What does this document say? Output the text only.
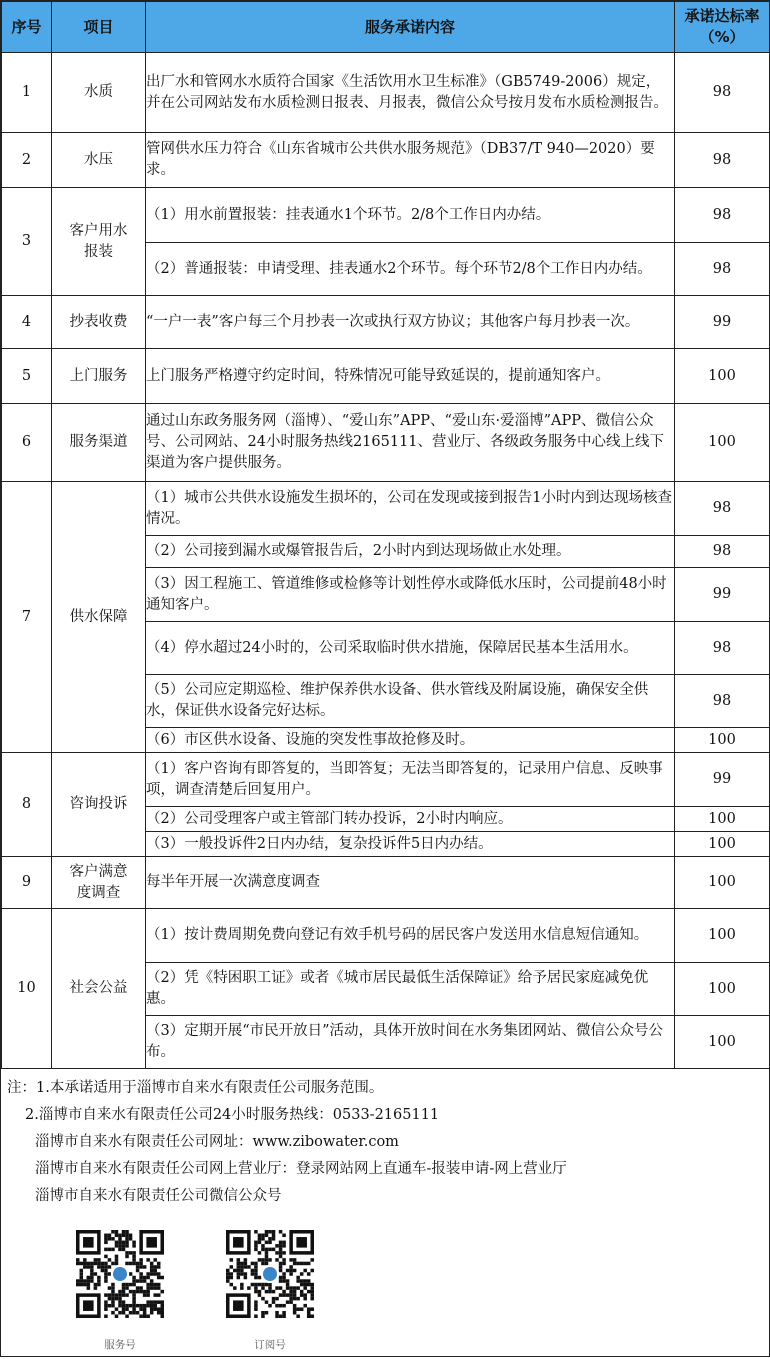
序号	项目	服务承诺内容	承诺达标率
（%）
1	水质	出厂水和管网水水质符合国家《生活饮用水卫生标准》（GB5749-2006）规定，并在公司网站发布水质检测日报表、月报表，微信公众号按月发布水质检测报告。	98
2	水压	管网供水压力符合《山东省城市公共供水服务规范》（DB37/T 940—2020）要求。	98
3	客户用水报装	（1）用水前置报装：挂表通水1个环节。2/8个工作日内办结。	98
		（2）普通报装：申请受理、挂表通水2个环节。每个环节2/8个工作日内办结。	98
4	抄表收费	“一户一表”客户每三个月抄表一次或执行双方协议；其他客户每月抄表一次。	99
5	上门服务	上门服务严格遵守约定时间，特殊情况可能导致延误的，提前通知客户。	100
6	服务渠道	通过山东政务服务网（淄博）、“爱山东”APP、“爱山东·爱淄博”APP、微信公众号、公司网站、24小时服务热线2165111、营业厅、各级政务服务中心线上线下渠道为客户提供服务。	100
7	供水保障	（1）城市公共供水设施发生损坏的，公司在发现或接到报告1小时内到达现场核查情况。	98
		（2）公司接到漏水或爆管报告后，2小时内到达现场做止水处理。	98
		（3）因工程施工、管道维修或检修等计划性停水或降低水压时，公司提前48小时通知客户。	99
		（4）停水超过24小时的，公司采取临时供水措施，保障居民基本生活用水。	98
		（5）公司应定期巡检、维护保养供水设备、供水管线及附属设施，确保安全供水，保证供水设备完好达标。	98
		（6）市区供水设备、设施的突发性事故抢修及时。	100
8	咨询投诉	（1）客户咨询有即答复的，当即答复；无法当即答复的，记录用户信息、反映事项，调查清楚后回复用户。	99
		（2）公司受理客户或主管部门转办投诉，2小时内响应。	100
		（3）一般投诉件2日内办结，复杂投诉件5日内办结。	100
9	客户满意度调查	每半年开展一次满意度调查	100
10	社会公益	（1）按计费周期免费向登记有效手机号码的居民客户发送用水信息短信通知。	100
		（2）凭《特困职工证》或者《城市居民最低生活保障证》给予居民家庭减免优惠。	100
		（3）定期开展“市民开放日”活动，具体开放时间在水务集团网站、微信公众号公布。	100
注：1.本承诺适用于淄博市自来水有限责任公司服务范围。
2.淄博市自来水有限责任公司24小时服务热线：0533-2165111
淄博市自来水有限责任公司网址：www.zibowater.com
淄博市自来水有限责任公司网上营业厅：登录网站网上直通车-报装申请-网上营业厅
淄博市自来水有限责任公司微信公众号
服务号	订阅号
